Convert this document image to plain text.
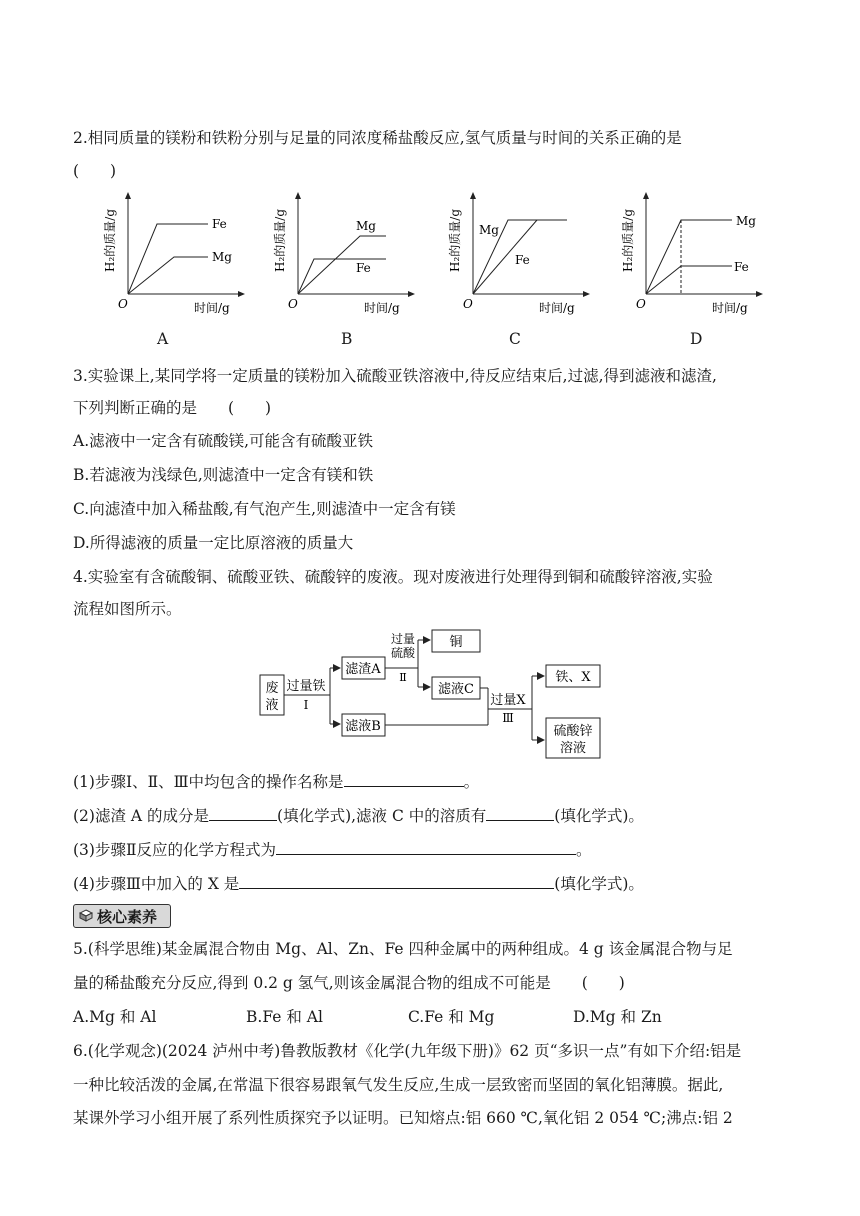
2.相同质量的镁粉和铁粉分别与足量的同浓度稀盐酸反应,氢气质量与时间的关系正确的是
(　　)
Fe
Mg
O	时间/g
H₂的质量/g
A
Mg
Fe
O	时间/g
H₂的质量/g
B
Mg
Fe
O	时间/g
H₂的质量/g
C
Mg
Fe
O	时间/g
H₂的质量/g
D
3.实验课上,某同学将一定质量的镁粉加入硫酸亚铁溶液中,待反应结束后,过滤,得到滤液和滤渣,
下列判断正确的是　　(　　)
A.滤液中一定含有硫酸镁,可能含有硫酸亚铁
B.若滤液为浅绿色,则滤渣中一定含有镁和铁
C.向滤渣中加入稀盐酸,有气泡产生,则滤渣中一定含有镁
D.所得滤液的质量一定比原溶液的质量大
4.实验室有含硫酸铜、硫酸亚铁、硫酸锌的废液。现对废液进行处理得到铜和硫酸锌溶液,实验
流程如图所示。
废
液
过量铁
Ⅰ
滤渣A
滤液B
过量
硫酸
Ⅱ
铜
滤液C
过量X
Ⅲ
铁、X
硫酸锌
溶液
(1)步骤Ⅰ、Ⅱ、Ⅲ中均包含的操作名称是	。
(2)滤渣 A 的成分是	(填化学式),滤液 C 中的溶质有	(填化学式)。
(3)步骤Ⅱ反应的化学方程式为	。
(4)步骤Ⅲ中加入的 X 是	(填化学式)。
核心素养
5.(科学思维)某金属混合物由 Mg、Al、Zn、Fe 四种金属中的两种组成。4 g 该金属混合物与足
量的稀盐酸充分反应,得到 0.2 g 氢气,则该金属混合物的组成不可能是　　(　　)
A.Mg 和 Al	B.Fe 和 Al	C.Fe 和 Mg	D.Mg 和 Zn
6.(化学观念)(2024 泸州中考)鲁教版教材《化学(九年级下册)》62 页“多识一点”有如下介绍:铝是
一种比较活泼的金属,在常温下很容易跟氧气发生反应,生成一层致密而坚固的氧化铝薄膜。据此,
某课外学习小组开展了系列性质探究予以证明。已知熔点:铝 660 ℃,氧化铝 2 054 ℃;沸点:铝 2
